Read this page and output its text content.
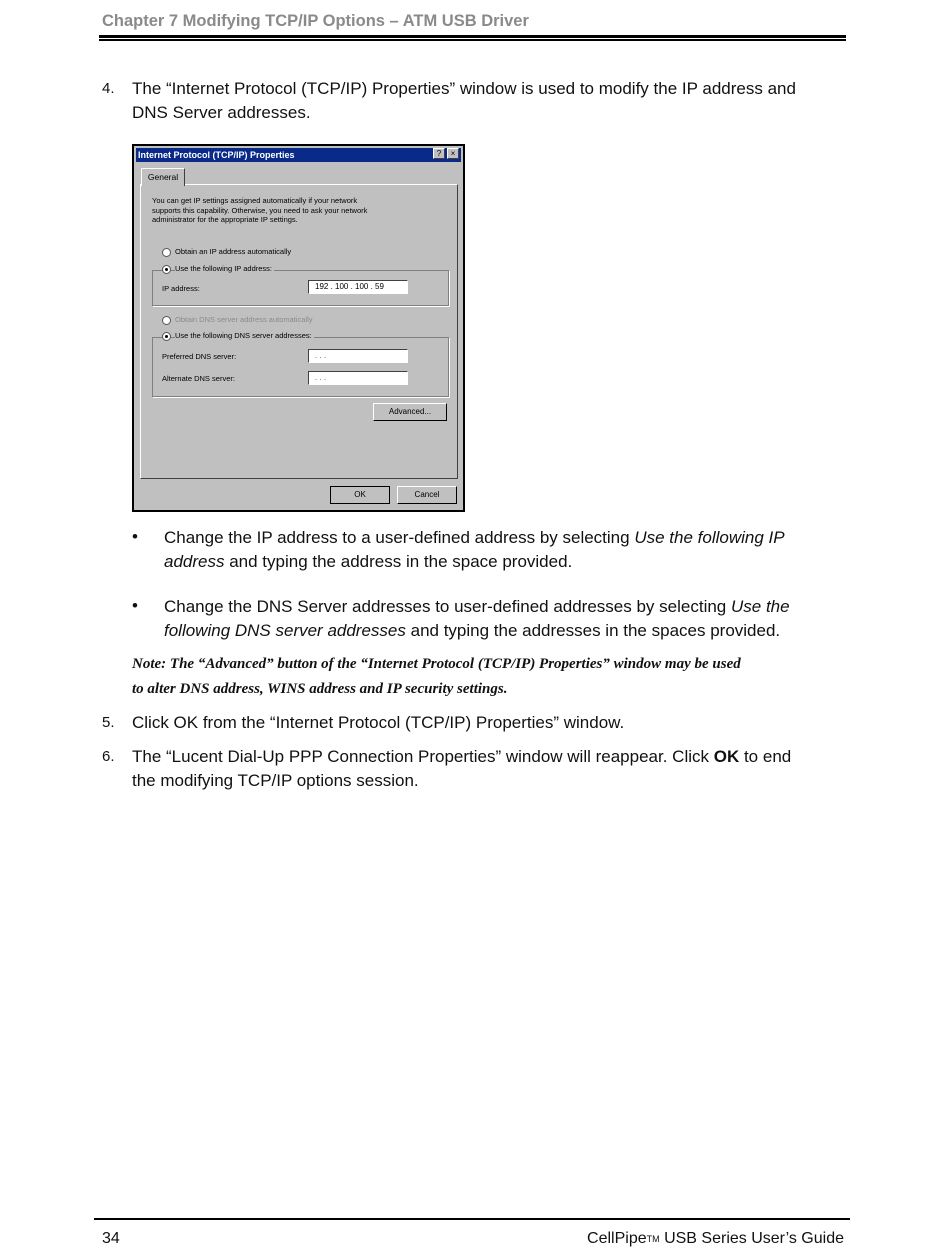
Chapter 7 Modifying TCP/IP Options – ATM USB Driver
4. The “Internet Protocol (TCP/IP) Properties” window is used to modify the IP address and
DNS Server addresses.
Internet Protocol (TCP/IP) Properties	?	×
General
You can get IP settings assigned automatically if your network
supports this capability. Otherwise, you need to ask your network
administrator for the appropriate IP settings.
Obtain an IP address automatically
Use the following IP address:
IP address:	192 . 100 . 100 . 59
Obtain DNS server address automatically
Use the following DNS server addresses:
Preferred DNS server:	. . .
Alternate DNS server:	. . .
Advanced...
OK	Cancel
• Change the IP address to a user-defined address by selecting Use the following IP
address and typing the address in the space provided.
• Change the DNS Server addresses to user-defined addresses by selecting Use the
following DNS server addresses and typing the addresses in the spaces provided.
Note: The “Advanced” button of the “Internet Protocol (TCP/IP) Properties” window may be used
to alter DNS address, WINS address and IP security settings.
5. Click OK from the “Internet Protocol (TCP/IP) Properties” window.
6. The “Lucent Dial-Up PPP Connection Properties” window will reappear. Click OK to end
the modifying TCP/IP options session.
34	CellPipeTM USB Series User’s Guide
